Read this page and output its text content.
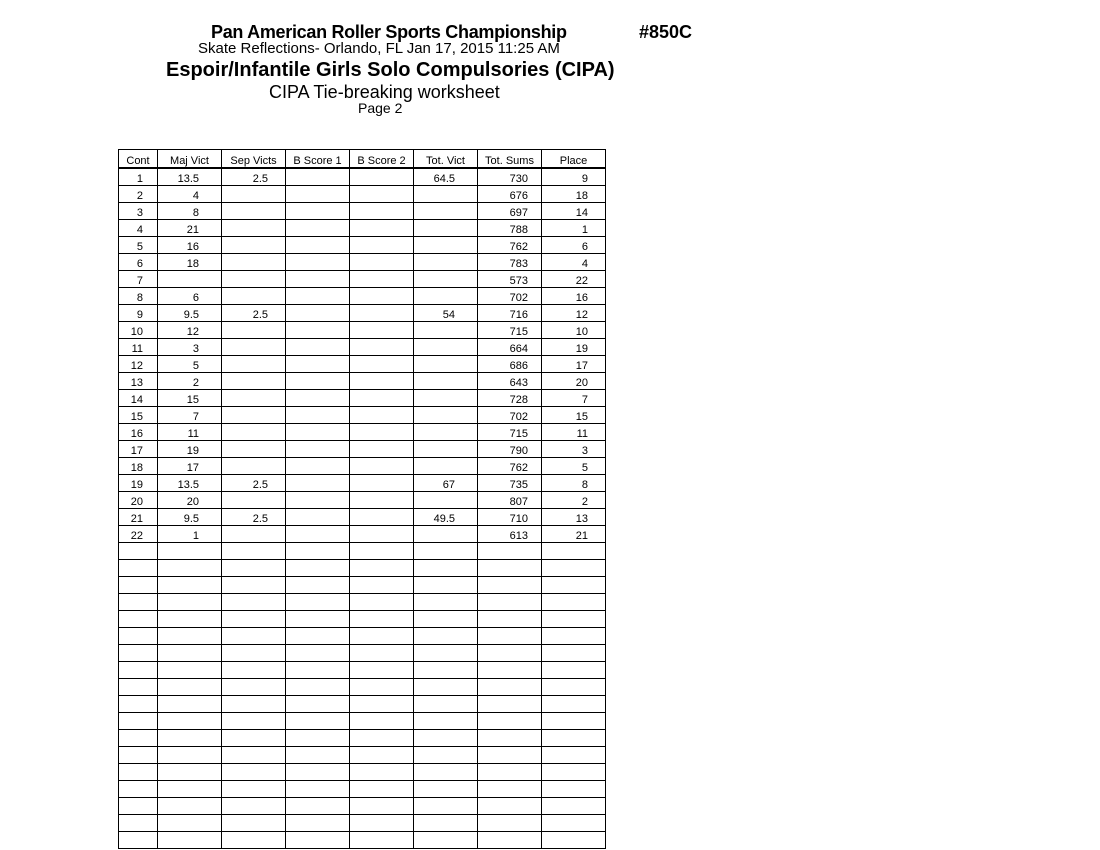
Pan American Roller Sports Championship	#850C
Skate Reflections- Orlando, FL Jan 17, 2015 11:25 AM
Espoir/Infantile Girls Solo Compulsories (CIPA)
CIPA Tie-breaking worksheet
Page 2
Cont	Maj Vict	Sep Victs	B Score 1	B Score 2	Tot. Vict	Tot. Sums	Place
1	13.5	2.5			64.5	730	9
2	4					676	18
3	8					697	14
4	21					788	1
5	16					762	6
6	18					783	4
7						573	22
8	6					702	16
9	9.5	2.5			54	716	12
10	12					715	10
11	3					664	19
12	5					686	17
13	2					643	20
14	15					728	7
15	7					702	15
16	11					715	11
17	19					790	3
18	17					762	5
19	13.5	2.5			67	735	8
20	20					807	2
21	9.5	2.5			49.5	710	13
22	1					613	21
